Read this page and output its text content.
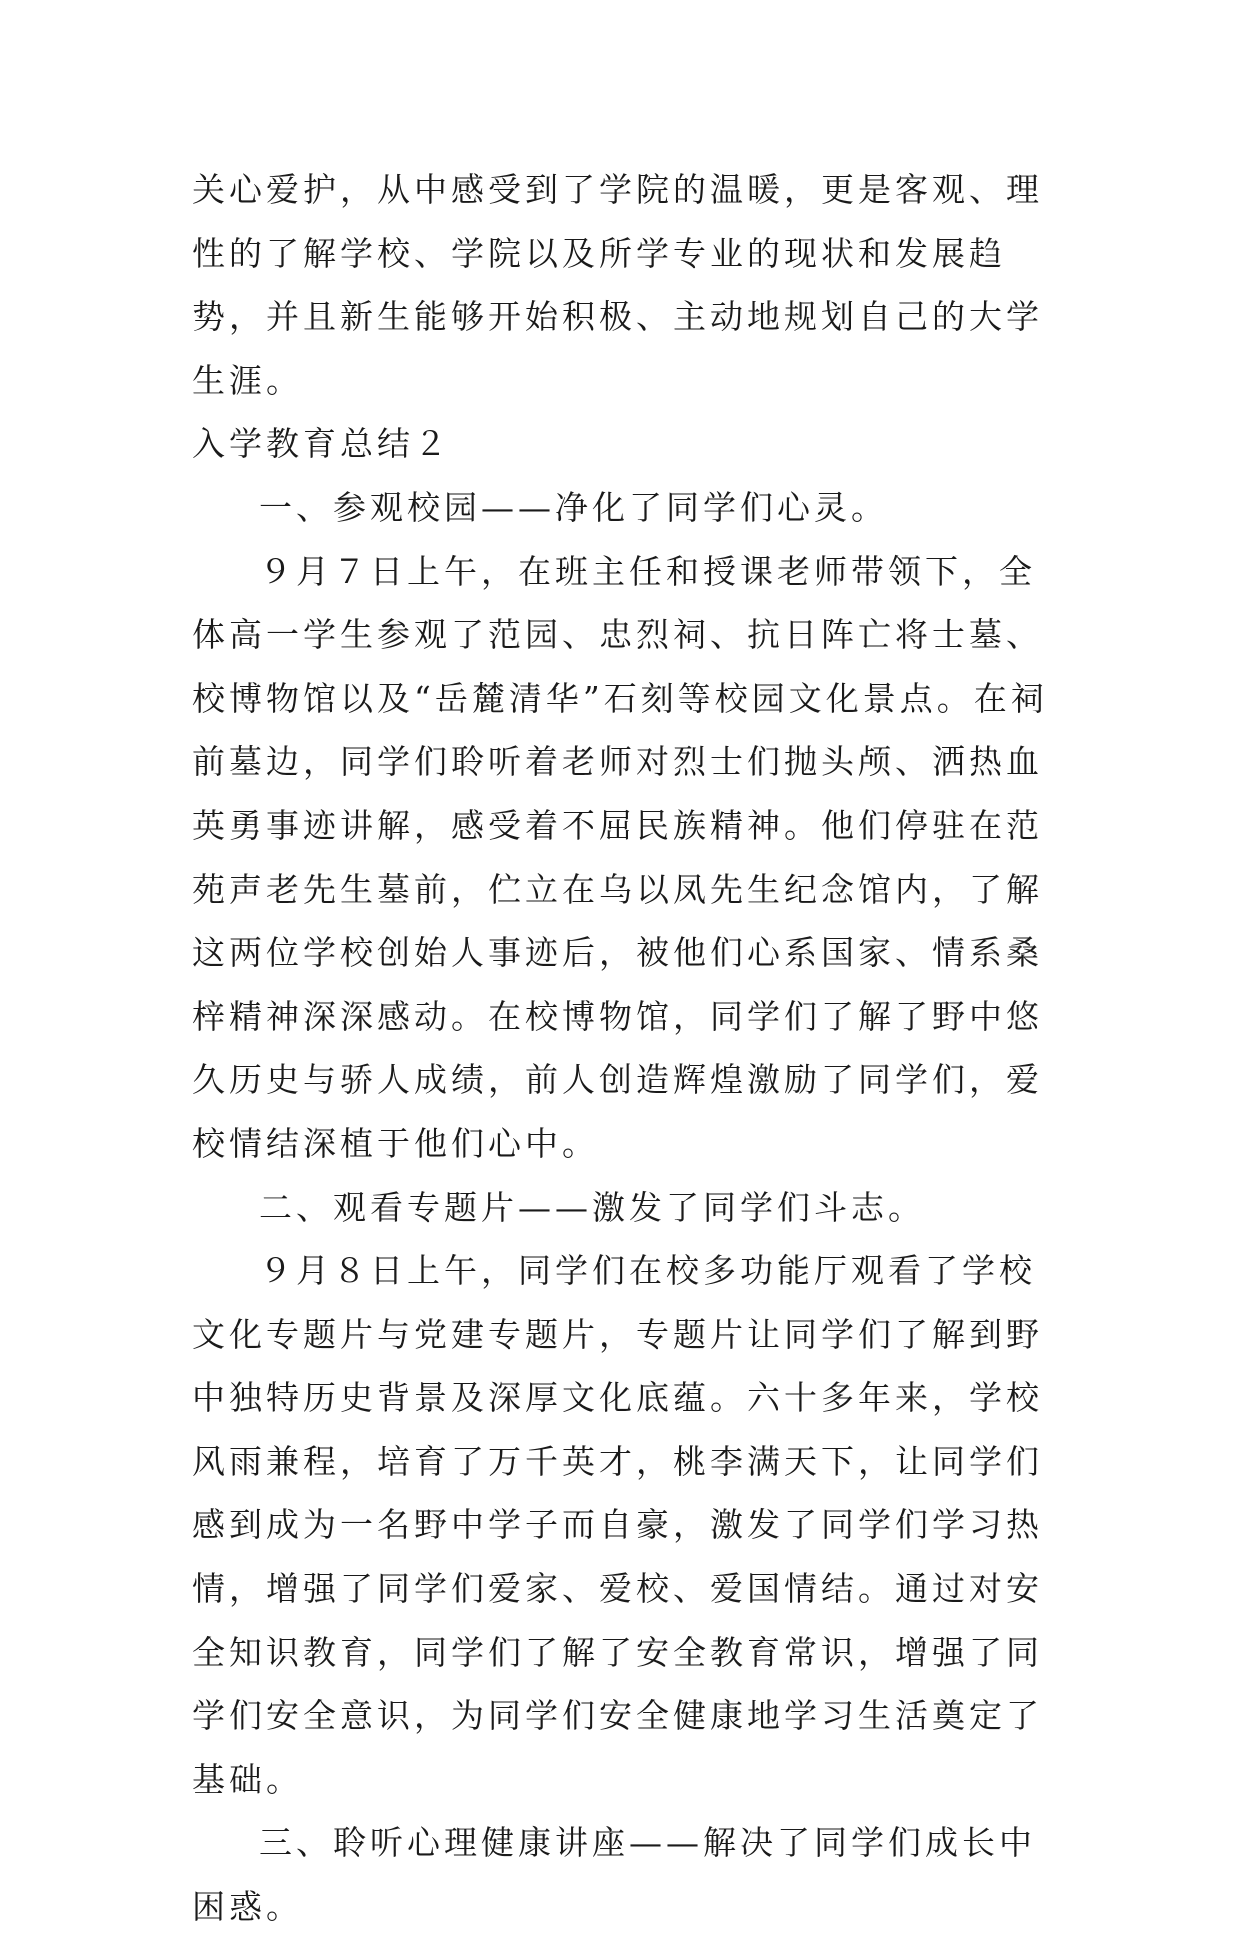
关心爱护，从中感受到了学院的温暖，更是客观、理性的了解学校、学院以及所学专业的现状和发展趋势，并且新生能够开始积极、主动地规划自己的大学生涯。

入学教育总结２

一、参观校园——净化了同学们心灵。

９月７日上午，在班主任和授课老师带领下，全体高一学生参观了范园、忠烈祠、抗日阵亡将士墓、校博物馆以及“岳麓清华”石刻等校园文化景点。在祠前墓边，同学们聆听着老师对烈士们抛头颅、洒热血英勇事迹讲解，感受着不屈民族精神。他们停驻在范苑声老先生墓前，伫立在乌以凤先生纪念馆内，了解这两位学校创始人事迹后，被他们心系国家、情系桑梓精神深深感动。在校博物馆，同学们了解了野中悠久历史与骄人成绩，前人创造辉煌激励了同学们，爱校情结深植于他们心中。

二、观看专题片——激发了同学们斗志。

９月８日上午，同学们在校多功能厅观看了学校文化专题片与党建专题片，专题片让同学们了解到野中独特历史背景及深厚文化底蕴。六十多年来，学校风雨兼程，培育了万千英才，桃李满天下，让同学们感到成为一名野中学子而自豪，激发了同学们学习热情，增强了同学们爱家、爱校、爱国情结。通过对安全知识教育，同学们了解了安全教育常识，增强了同学们安全意识，为同学们安全健康地学习生活奠定了基础。

三、聆听心理健康讲座——解决了同学们成长中困惑。
